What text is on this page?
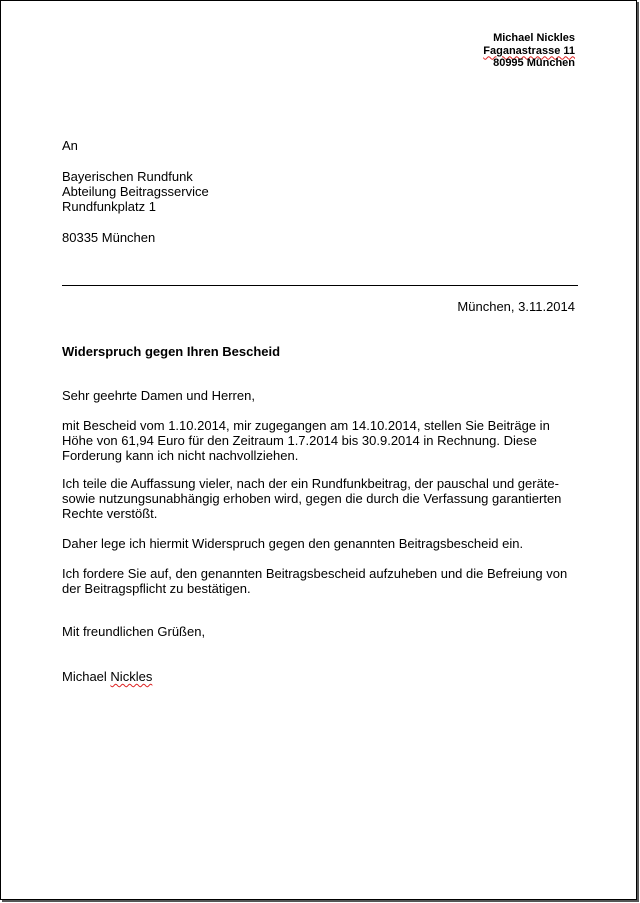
Michael Nickles
Faganastrasse 11
80995 München
An
Bayerischen Rundfunk
Abteilung Beitragsservice
Rundfunkplatz 1
80335 München
München, 3.11.2014
Widerspruch gegen Ihren Bescheid
Sehr geehrte Damen und Herren,
mit Bescheid vom 1.10.2014, mir zugegangen am 14.10.2014, stellen Sie Beiträge in
Höhe von 61,94 Euro für den Zeitraum 1.7.2014 bis 30.9.2014 in Rechnung. Diese
Forderung kann ich nicht nachvollziehen.
Ich teile die Auffassung vieler, nach der ein Rundfunkbeitrag, der pauschal und geräte-
sowie nutzungsunabhängig erhoben wird, gegen die durch die Verfassung garantierten
Rechte verstößt.
Daher lege ich hiermit Widerspruch gegen den genannten Beitragsbescheid ein.
Ich fordere Sie auf, den genannten Beitragsbescheid aufzuheben und die Befreiung von
der Beitragspflicht zu bestätigen.
Mit freundlichen Grüßen,
Michael Nickles
